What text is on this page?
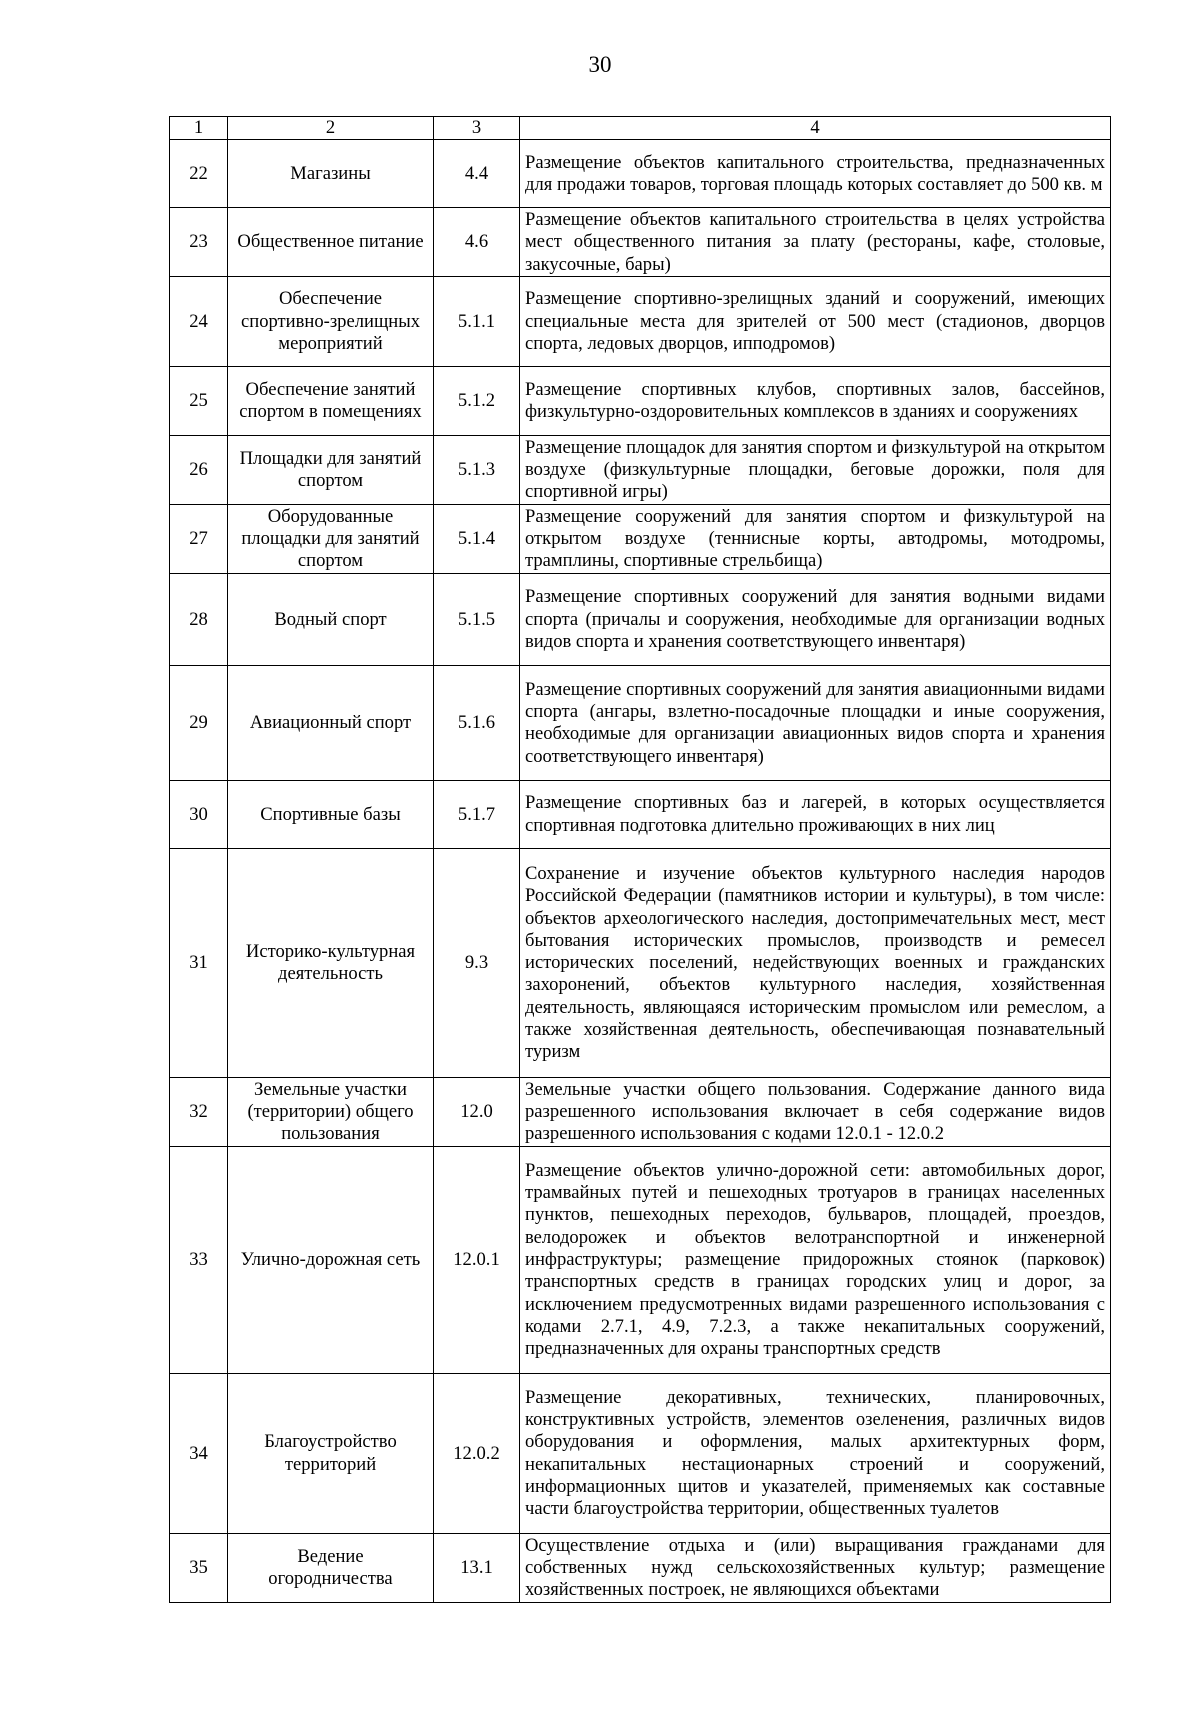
30
1	2	3	4
22	Магазины	4.4	Размещение объектов капитального строительства, предназначенных для продажи товаров, торговая площадь которых составляет до 500 кв. м
23	Общественное питание	4.6	Размещение объектов капитального строительства в целях устройства мест общественного питания за плату (рестораны, кафе, столовые, закусочные, бары)
24	Обеспечение спортивно-зрелищных мероприятий	5.1.1	Размещение спортивно-зрелищных зданий и сооружений, имеющих специальные места для зрителей от 500 мест (стадионов, дворцов спорта, ледовых дворцов, ипподромов)
25	Обеспечение занятий спортом в помещениях	5.1.2	Размещение спортивных клубов, спортивных залов, бассейнов, физкультурно-оздоровительных комплексов в зданиях и сооружениях
26	Площадки для занятий спортом	5.1.3	Размещение площадок для занятия спортом и физкультурой на открытом воздухе (физкультурные площадки, беговые дорожки, поля для спортивной игры)
27	Оборудованные площадки для занятий спортом	5.1.4	Размещение сооружений для занятия спортом и физкультурой на открытом воздухе (теннисные корты, автодромы, мотодромы, трамплины, спортивные стрельбища)
28	Водный спорт	5.1.5	Размещение спортивных сооружений для занятия водными видами спорта (причалы и сооружения, необходимые для организации водных видов спорта и хранения соответствующего инвентаря)
29	Авиационный спорт	5.1.6	Размещение спортивных сооружений для занятия авиационными видами спорта (ангары, взлетно-посадочные площадки и иные сооружения, необходимые для организации авиационных видов спорта и хранения соответствующего инвентаря)
30	Спортивные базы	5.1.7	Размещение спортивных баз и лагерей, в которых осуществляется спортивная подготовка длительно проживающих в них лиц
31	Историко-культурная деятельность	9.3	Сохранение и изучение объектов культурного наследия народов Российской Федерации (памятников истории и культуры), в том числе: объектов археологического наследия, достопримечательных мест, мест бытования исторических промыслов, производств и ремесел исторических поселений, недействующих военных и гражданских захоронений, объектов культурного наследия, хозяйственная деятельность, являющаяся историческим промыслом или ремеслом, а также хозяйственная деятельность, обеспечивающая познавательный туризм
32	Земельные участки (территории) общего пользования	12.0	Земельные участки общего пользования. Содержание данного вида разрешенного использования включает в себя содержание видов разрешенного использования с кодами 12.0.1 - 12.0.2
33	Улично-дорожная сеть	12.0.1	Размещение объектов улично-дорожной сети: автомобильных дорог, трамвайных путей и пешеходных тротуаров в границах населенных пунктов, пешеходных переходов, бульваров, площадей, проездов, велодорожек и объектов велотранспортной и инженерной инфраструктуры; размещение придорожных стоянок (парковок) транспортных средств в границах городских улиц и дорог, за исключением предусмотренных видами разрешенного использования с кодами 2.7.1, 4.9, 7.2.3, а также некапитальных сооружений, предназначенных для охраны транспортных средств
34	Благоустройство территорий	12.0.2	Размещение декоративных, технических, планировочных, конструктивных устройств, элементов озеленения, различных видов оборудования и оформления, малых архитектурных форм, некапитальных нестационарных строений и сооружений, информационных щитов и указателей, применяемых как составные части благоустройства территории, общественных туалетов
35	Ведение огородничества	13.1	Осуществление отдыха и (или) выращивания гражданами для собственных нужд сельскохозяйственных культур; размещение хозяйственных построек, не являющихся объектами
